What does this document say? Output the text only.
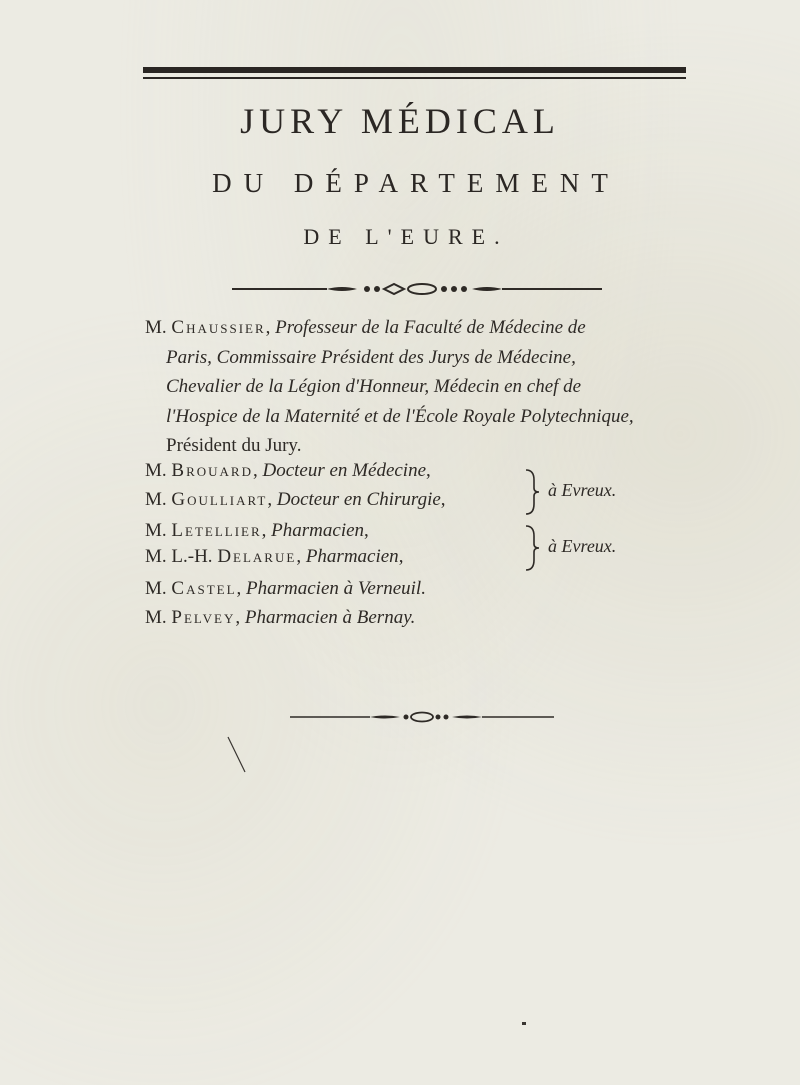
JURY MÉDICAL
DU DÉPARTEMENT
DE L'EURE.
M. Chaussier, Professeur de la Faculté de Médecine de
Paris, Commissaire Président des Jurys de Médecine,
Chevalier de la Légion d'Honneur, Médecin en chef de
l'Hospice de la Maternité et de l'École Royale Polytechnique,
Président du Jury.
M. Brouard, Docteur en Médecine,
M. Goulliart, Docteur en Chirurgie,
M. Letellier, Pharmacien,
M. L.-H. Delarue, Pharmacien,
M. Castel, Pharmacien à Verneuil.
M. Pelvey, Pharmacien à Bernay.
à Evreux.
à Evreux.
